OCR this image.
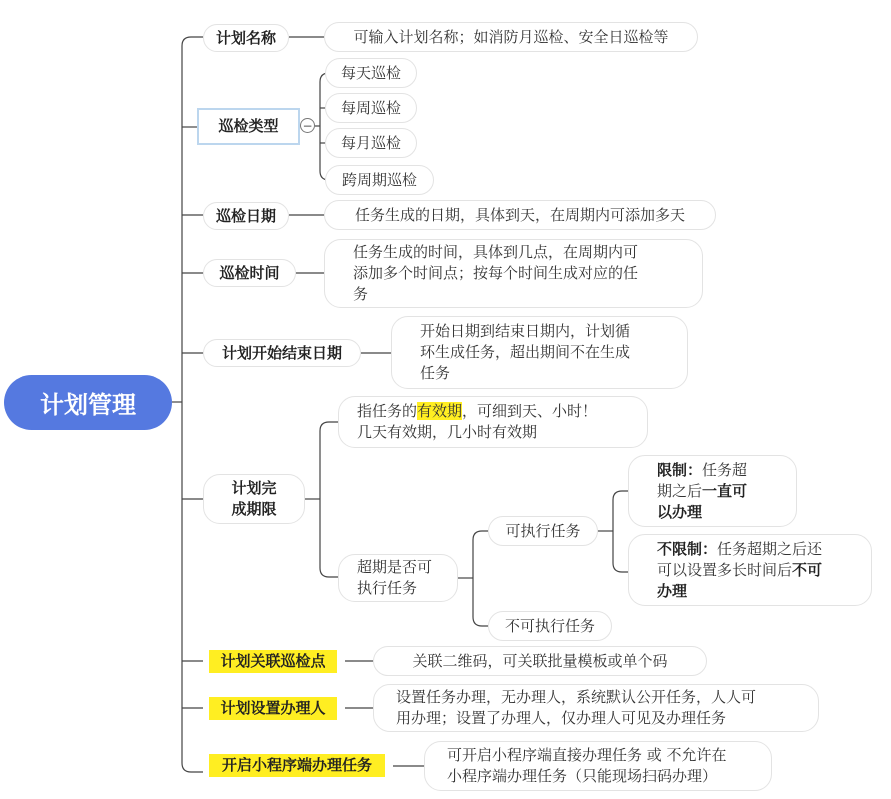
计划管理
计划名称	可输入计划名称；如消防月巡检、安全日巡检等
巡检类型	−
每天巡检
每周巡检
每月巡检
跨周期巡检
巡检日期	任务生成的日期，具体到天，在周期内可添加多天
巡检时间
任务生成的时间，具体到几点，在周期内可
添加多个时间点；按每个时间生成对应的任
务
计划开始结束日期
开始日期到结束日期内，计划循
环生成任务，超出期间不在生成
任务
计划完
成期限
指任务的有效期，可细到天、小时！
几天有效期，几小时有效期
超期是否可
执行任务
可执行任务
不可执行任务
限制：任务超
期之后一直可
以办理
不限制：任务超期之后还
可以设置多长时间后不可
办理
计划关联巡检点	关联二维码，可关联批量模板或单个码
计划设置办理人
设置任务办理，无办理人，系统默认公开任务，人人可
用办理；设置了办理人，仅办理人可见及办理任务
开启小程序端办理任务
可开启小程序端直接办理任务 或 不允许在
小程序端办理任务（只能现场扫码办理）
